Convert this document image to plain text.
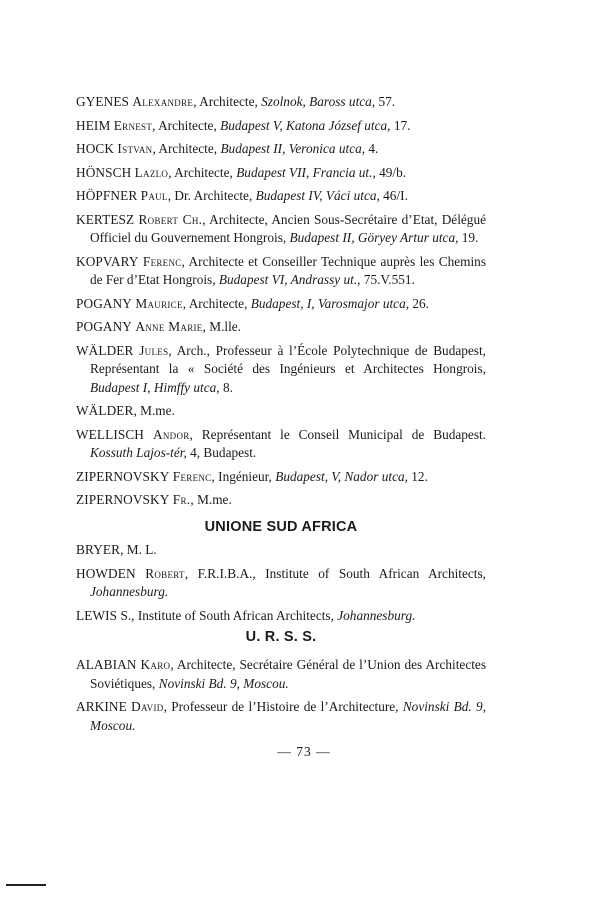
GYENES Alexandre, Architecte, Szolnok, Baross utca, 57.

HEIM Ernest, Architecte, Budapest V, Katona József utca, 17.

HOCK Istvan, Architecte, Budapest II, Veronica utca, 4.

HÖNSCH Lazlo, Architecte, Budapest VII, Francia ut., 49/b.

HÖPFNER Paul, Dr. Architecte, Budapest IV, Váci utca, 46/I.

KERTESZ Robert Ch., Architecte, Ancien Sous-Secrétaire d’Etat, Délégué Officiel du Gouvernement Hongrois, Budapest II, Göryey Artur utca, 19.

KOPVARY Ferenc, Architecte et Conseiller Technique auprès les Chemins de Fer d’Etat Hongrois, Budapest VI, Andrassy ut., 75.V.551.

POGANY Maurice, Architecte, Budapest, I, Varosmajor utca, 26.

POGANY Anne Marie, M.lle.

WÄLDER Jules, Arch., Professeur à l’École Polytechnique de Budapest, Représentant la « Société des Ingénieurs et Architectes Hongrois, Budapest I, Himffy utca, 8.

WÄLDER, M.me.

WELLISCH Andor, Représentant le Conseil Municipal de Budapest. Kossuth Lajos-tér, 4, Budapest.

ZIPERNOVSKY Ferenc, Ingénieur, Budapest, V, Nador utca, 12.

ZIPERNOVSKY Fr., M.me.

UNIONE SUD AFRICA

BRYER, M. L.

HOWDEN Robert, F.R.I.B.A., Institute of South African Architects, Johannesburg.

LEWIS S., Institute of South African Architects, Johannesburg.

U. R. S. S.

ALABIAN Karo, Architecte, Secrétaire Général de l’Union des Architectes Soviétiques, Novinski Bd. 9, Moscou.

ARKINE David, Professeur de l’Histoire de l’Architecture, Novinski Bd. 9, Moscou.

— 73 —
